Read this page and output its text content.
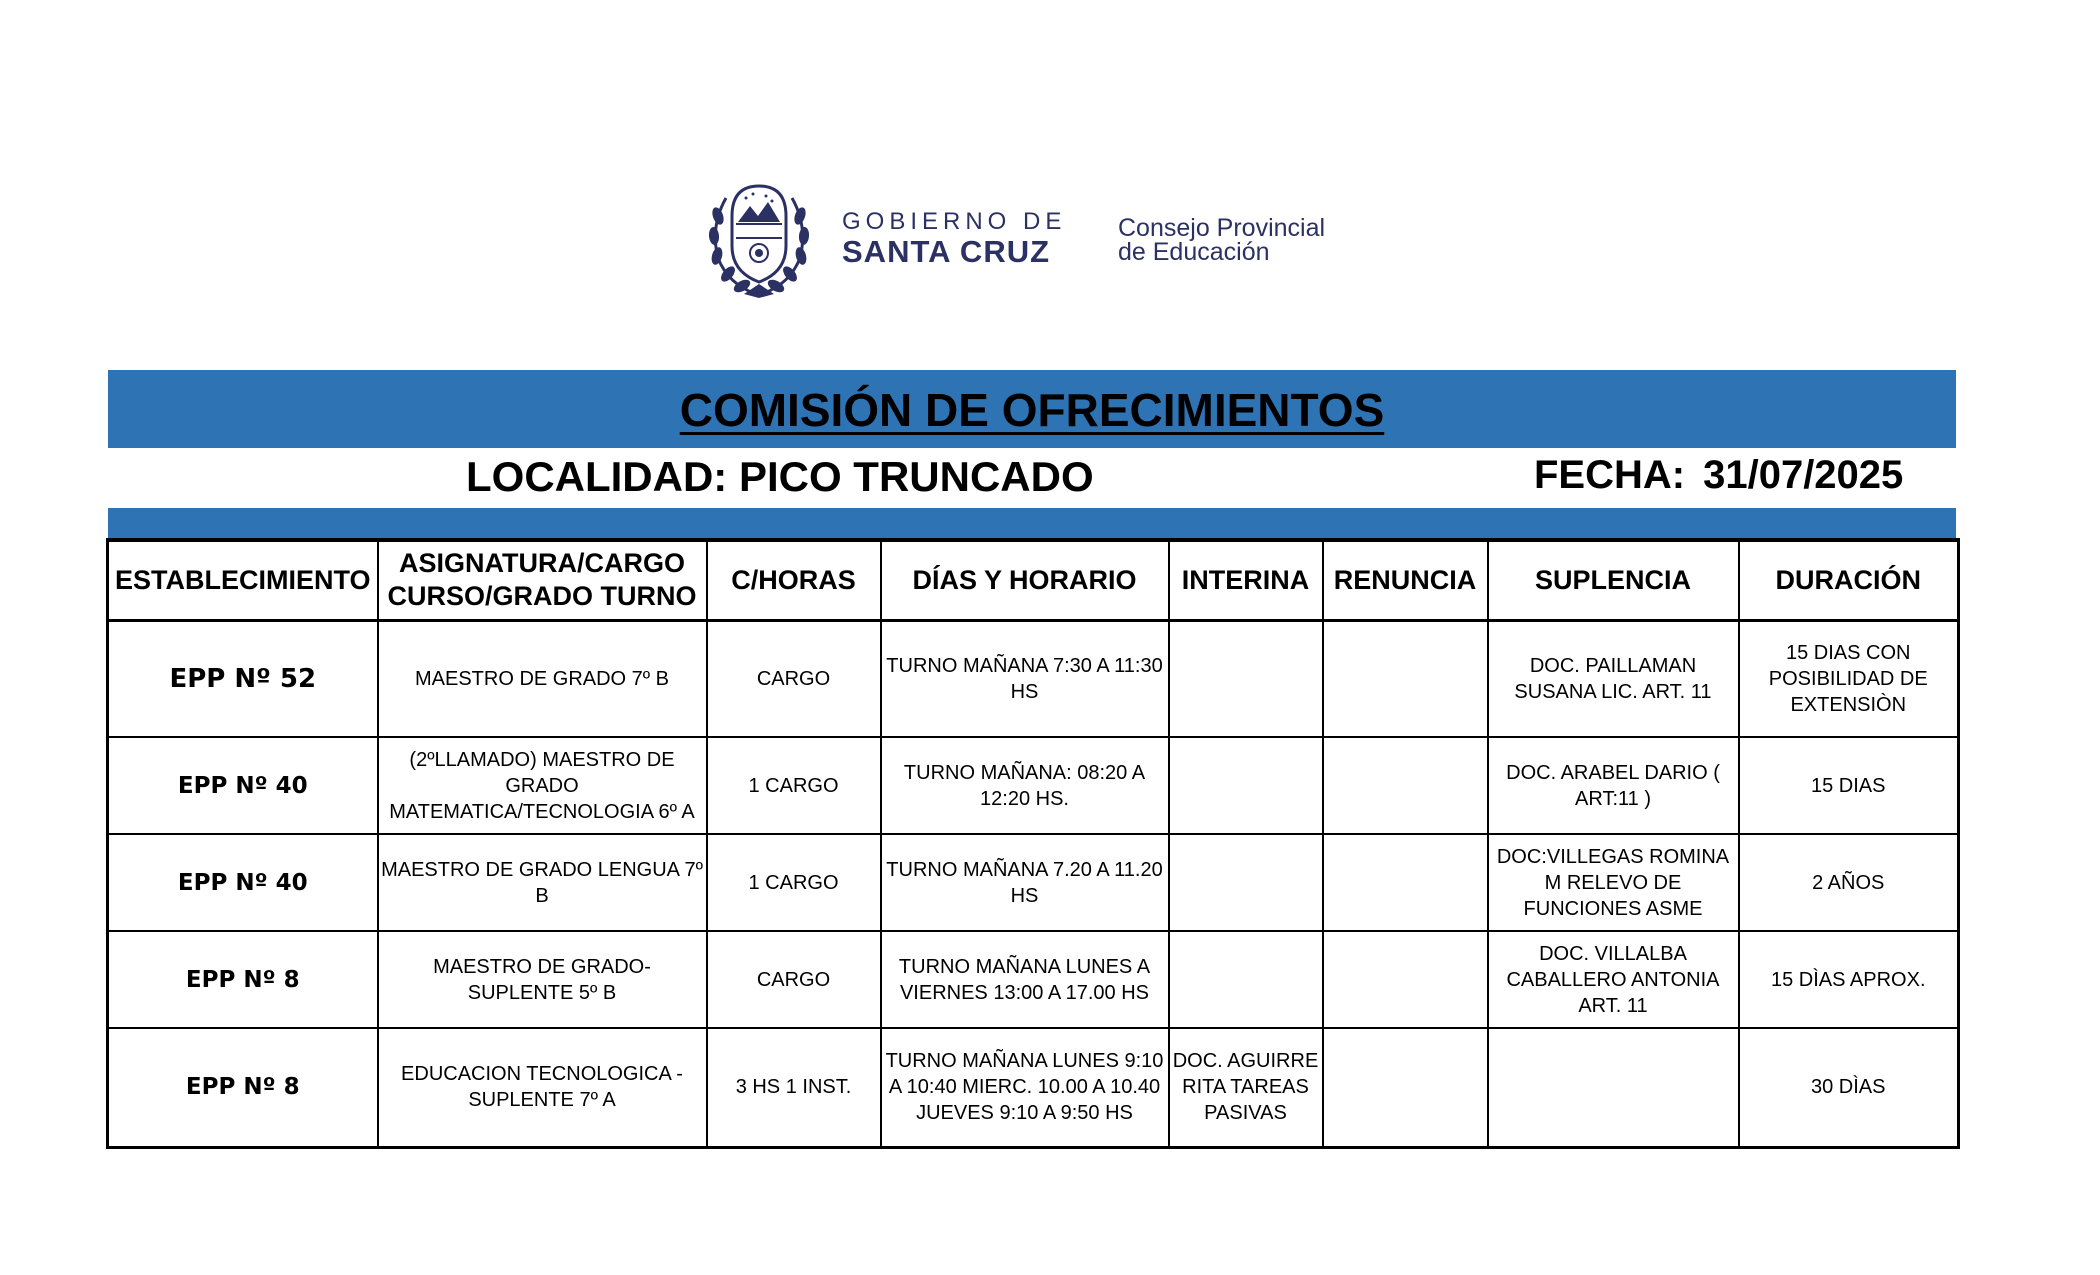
GOBIERNO DE
SANTA CRUZ
Consejo Provincial
de Educación
COMISIÓN DE OFRECIMIENTOS
LOCALIDAD: PICO TRUNCADO	FECHA: 31/07/2025
ESTABLECIMIENTO	ASIGNATURA/CARGO CURSO/GRADO TURNO	C/HORAS	DÍAS Y HORARIO	INTERINA	RENUNCIA	SUPLENCIA	DURACIÓN
EPP Nº 52	MAESTRO DE GRADO 7º B	CARGO	TURNO MAÑANA 7:30 A 11:30 HS			DOC. PAILLAMAN SUSANA LIC. ART. 11	15 DIAS CON POSIBILIDAD DE EXTENSIÒN
EPP Nº 40	(2ºLLAMADO) MAESTRO DE GRADO MATEMATICA/TECNOLOGIA 6º A	1 CARGO	TURNO MAÑANA: 08:20 A 12:20 HS.			DOC. ARABEL DARIO ( ART:11 )	15 DIAS
EPP Nº 40	MAESTRO DE GRADO LENGUA 7º B	1 CARGO	TURNO MAÑANA 7.20 A 11.20 HS			DOC:VILLEGAS ROMINA M RELEVO DE FUNCIONES ASME	2 AÑOS
EPP Nº 8	MAESTRO DE GRADO-SUPLENTE 5º B	CARGO	TURNO MAÑANA LUNES A VIERNES 13:00 A 17.00 HS			DOC. VILLALBA CABALLERO ANTONIA ART. 11	15 DÌAS APROX.
EPP Nº 8	EDUCACION TECNOLOGICA - SUPLENTE 7º A	3 HS 1 INST.	TURNO MAÑANA LUNES 9:10 A 10:40 MIERC. 10.00 A 10.40 JUEVES 9:10 A 9:50 HS	DOC. AGUIRRE RITA TAREAS PASIVAS			30 DÌAS
